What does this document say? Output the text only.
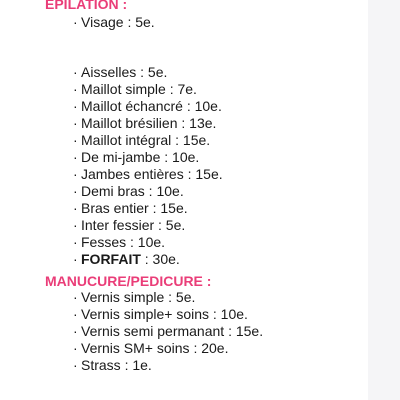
EPILATION :
· Visage : 5e.
· Aisselles : 5e.
· Maillot simple : 7e.
· Maillot échancré : 10e.
· Maillot brésilien : 13e.
· Maillot intégral : 15e.
· De mi-jambe : 10e.
· Jambes entières : 15e.
· Demi bras : 10e.
· Bras entier : 15e.
· Inter fessier : 5e.
· Fesses : 10e.
· FORFAIT : 30e.
MANUCURE/PEDICURE :
· Vernis simple : 5e.
· Vernis simple+ soins : 10e.
· Vernis semi permanant : 15e.
· Vernis SM+ soins : 20e.
· Strass : 1e.
